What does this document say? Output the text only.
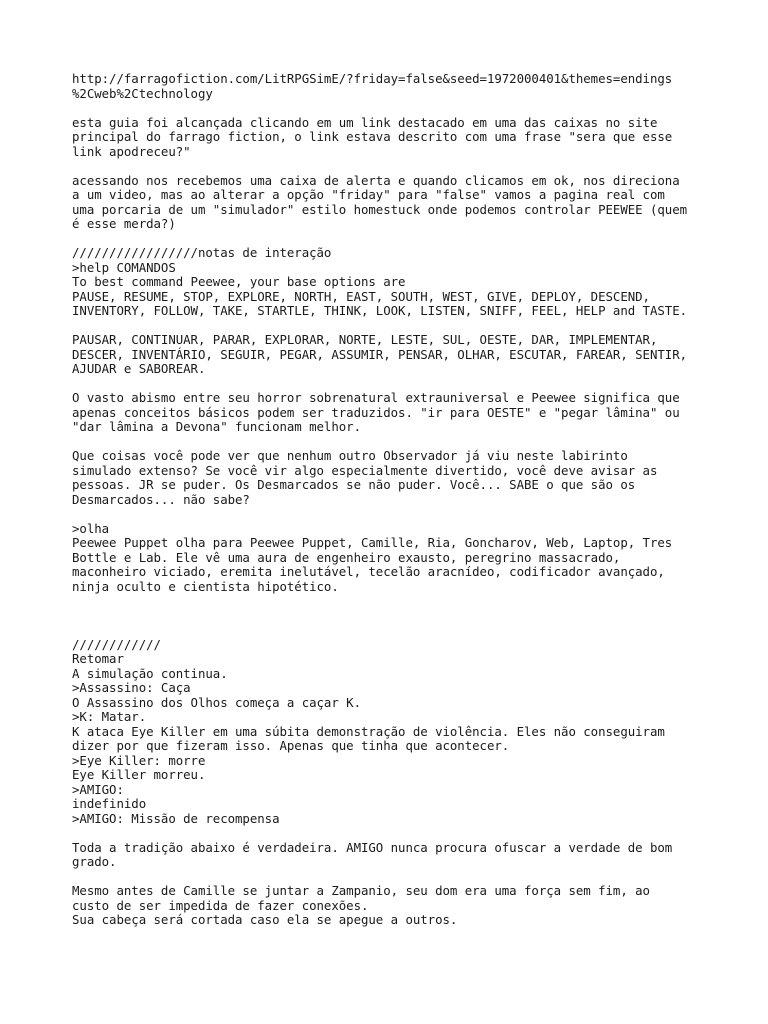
http://farragofiction.com/LitRPGSimE/?friday=false&seed=1972000401&themes=endings
%2Cweb%2Ctechnology
esta guia foi alcançada clicando em um link destacado em uma das caixas no site
principal do farrago fiction, o link estava descrito com uma frase "sera que esse
link apodreceu?"
acessando nos recebemos uma caixa de alerta e quando clicamos em ok, nos direciona
a um video, mas ao alterar a opção "friday" para "false" vamos a pagina real com
uma porcaria de um "simulador" estilo homestuck onde podemos controlar PEEWEE (quem
é esse merda?)
/////////////////notas de interação
>help COMANDOS
To best command Peewee, your base options are
PAUSE, RESUME, STOP, EXPLORE, NORTH, EAST, SOUTH, WEST, GIVE, DEPLOY, DESCEND,
INVENTORY, FOLLOW, TAKE, STARTLE, THINK, LOOK, LISTEN, SNIFF, FEEL, HELP and TASTE.
PAUSAR, CONTINUAR, PARAR, EXPLORAR, NORTE, LESTE, SUL, OESTE, DAR, IMPLEMENTAR,
DESCER, INVENTÁRIO, SEGUIR, PEGAR, ASSUMIR, PENSAR, OLHAR, ESCUTAR, FAREAR, SENTIR,
AJUDAR e SABOREAR.
O vasto abismo entre seu horror sobrenatural extrauniversal e Peewee significa que
apenas conceitos básicos podem ser traduzidos. "ir para OESTE" e "pegar lâmina" ou
"dar lâmina a Devona" funcionam melhor.
Que coisas você pode ver que nenhum outro Observador já viu neste labirinto
simulado extenso? Se você vir algo especialmente divertido, você deve avisar as
pessoas. JR se puder. Os Desmarcados se não puder. Você... SABE o que são os
Desmarcados... não sabe?
>olha
Peewee Puppet olha para Peewee Puppet, Camille, Ria, Goncharov, Web, Laptop, Tres
Bottle e Lab. Ele vê uma aura de engenheiro exausto, peregrino massacrado,
maconheiro viciado, eremita inelutável, tecelão aracnídeo, codificador avançado,
ninja oculto e cientista hipotético.
////////////
Retomar
A simulação continua.
>Assassino: Caça
O Assassino dos Olhos começa a caçar K.
>K: Matar.
K ataca Eye Killer em uma súbita demonstração de violência. Eles não conseguiram
dizer por que fizeram isso. Apenas que tinha que acontecer.
>Eye Killer: morre
Eye Killer morreu.
>AMIGO:
indefinido
>AMIGO: Missão de recompensa
Toda a tradição abaixo é verdadeira. AMIGO nunca procura ofuscar a verdade de bom
grado.
Mesmo antes de Camille se juntar a Zampanio, seu dom era uma força sem fim, ao
custo de ser impedida de fazer conexões.
Sua cabeça será cortada caso ela se apegue a outros.
